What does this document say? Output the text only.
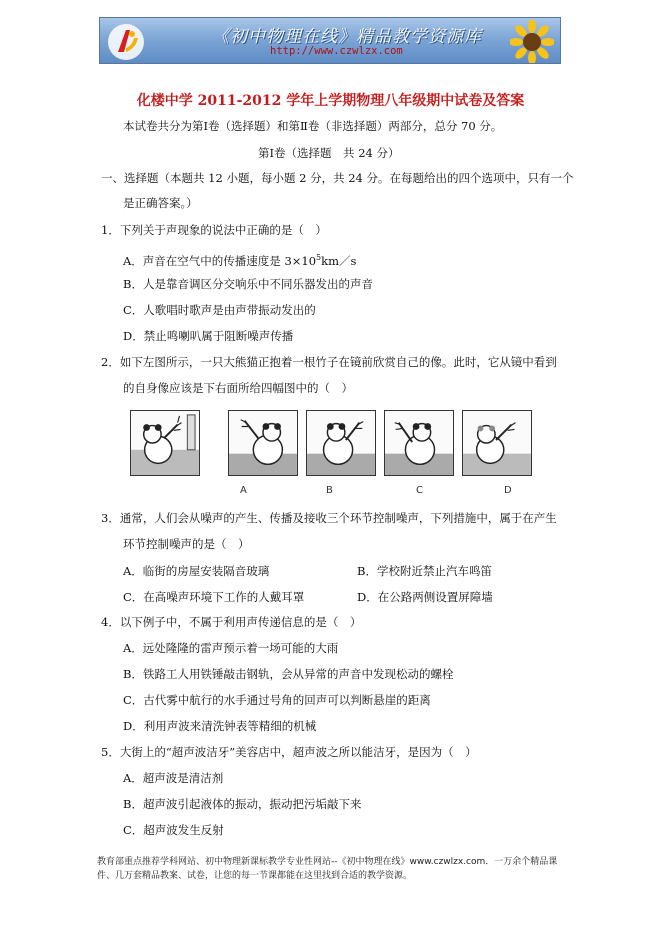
《初中物理在线》精品教学资源库
http://www.czwlzx.com
化楼中学 2011-2012 学年上学期物理八年级期中试卷及答案
本试卷共分为第Ⅰ卷（选择题）和第Ⅱ卷（非选择题）两部分，总分 70 分。
第Ⅰ卷（选择题　共 24 分）
一、选择题（本题共 12 小题，每小题 2 分，共 24 分。在每题给出的四个选项中，只有一个
是正确答案。）
1．下列关于声现象的说法中正确的是（　）
A．声音在空气中的传播速度是 $3\times 10^5km/s$
B．人是靠音调区分交响乐中不同乐器发出的声音
C．人歌唱时歌声是由声带振动发出的
D．禁止鸣喇叭属于阻断噪声传播
2．如下左图所示，一只大熊猫正抱着一根竹子在镜前欣赏自己的像。此时，它从镜中看到
的自身像应该是下右面所给四幅图中的（　）
A	B	C	D
3．通常，人们会从噪声的产生、传播及接收三个环节控制噪声，下列措施中，属于在产生
环节控制噪声的是（　）
A．临街的房屋安装隔音玻璃	B．学校附近禁止汽车鸣笛
C．在高噪声环境下工作的人戴耳罩	D．在公路两侧设置屏障墙
4．以下例子中，不属于利用声传递信息的是（　）
A．远处隆隆的雷声预示着一场可能的大雨
B．铁路工人用铁锤敲击钢轨，会从异常的声音中发现松动的螺栓
C．古代雾中航行的水手通过号角的回声可以判断悬崖的距离
D．利用声波来清洗钟表等精细的机械
5．大街上的“超声波洁牙”美容店中，超声波之所以能洁牙，是因为（　）
A．超声波是清洁剂
B．超声波引起液体的振动，振动把污垢敲下来
C．超声波发生反射
教育部重点推荐学科网站、初中物理新课标教学专业性网站--《初中物理在线》www.czwlzx.com．一万余个精品课件、几万套精品教案、试卷，让您的每一节课都能在这里找到合适的教学资源。
